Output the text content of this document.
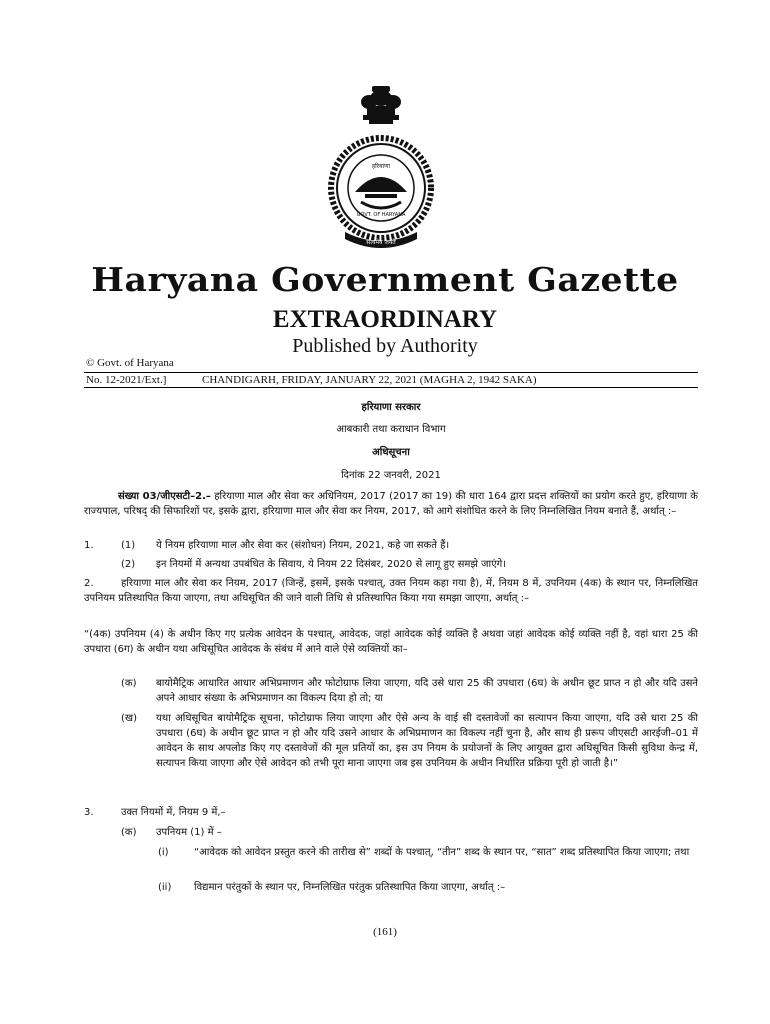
हरियाणा
GOVT. OF HARYANA
सत्यमेव जयते
Haryana Government Gazette
EXTRAORDINARY
Published by Authority
© Govt. of Haryana
No. 12-2021/Ext.]	CHANDIGARH, FRIDAY, JANUARY 22, 2021 (MAGHA 2, 1942 SAKA)
हरियाणा सरकार
आबकारी तथा कराधान विभाग
अधिसूचना
दिनांक 22 जनवरी, 2021
संख्या 03/जीएसटी–2.– हरियाणा माल और सेवा कर अधिनियम, 2017 (2017 का 19) की धारा 164 द्वारा प्रदत्त शक्तियों का प्रयोग करते हुए, हरियाणा के राज्यपाल, परिषद् की सिफारिशों पर, इसके द्वारा, हरियाणा माल और सेवा कर नियम, 2017, को आगे संशोधित करने के लिए निम्नलिखित नियम बनाते हैं, अर्थात् :–
1.	(1) ये नियम हरियाणा माल और सेवा कर (संशोधन) नियम, 2021, कहे जा सकते हैं।
(2) इन नियमों में अन्यथा उपबंधित के सिवाय, ये नियम 22 दिसंबर, 2020 से लागू हुए समझे जाएंगे।
2.	हरियाणा माल और सेवा कर नियम, 2017 (जिन्हें, इसमें, इसके पश्चात्, उक्त नियम कहा गया है), में, नियम 8 में, उपनियम (4क) के स्थान पर, निम्नलिखित उपनियम प्रतिस्थापित किया जाएगा, तथा अधिसूचित की जाने वाली तिथि से प्रतिस्थापित किया गया समझा जाएगा, अर्थात् :–
“(4क) उपनियम (4) के अधीन किए गए प्रत्येक आवेदन के पश्चात्, आवेदक, जहां आवेदक कोई व्यक्ति है अथवा जहां आवेदक कोई व्यक्ति नहीं है, वहां धारा 25 की उपधारा (6ग) के अधीन यथा अधिसूचित आवेदक के संबंध में आने वाले ऐसे व्यक्तियों का–
(क) बायोमैट्रिक आधारित आधार अभिप्रमाणन और फोटोग्राफ लिया जाएगा, यदि उसे धारा 25 की उपधारा (6घ) के अधीन छूट प्राप्त न हो और यदि उसने अपने आधार संख्या के अभिप्रमाणन का विकल्प दिया हो तो; या
(ख) यथा अधिसूचित बायोमैट्रिक सूचना, फोटोग्राफ लिया जाएगा और ऐसे अन्य के वाई सी दस्तावेजों का सत्यापन किया जाएगा, यदि उसे धारा 25 की उपधारा (6घ) के अधीन छूट प्राप्त न हो और यदि उसने आधार के अभिप्रमाणन का विकल्प नहीं चुना है, और साथ ही प्ररूप जीएसटी आरईजी–01 में आवेदन के साथ अपलोड किए गए दस्तावेजों की मूल प्रतियों का, इस उप नियम के प्रयोजनों के लिए आयुक्त द्वारा अधिसूचित किसी सुविधा केन्द्र में, सत्यापन किया जाएगा और ऐसे आवेदन को तभी पूरा माना जाएगा जब इस उपनियम के अधीन निर्धारित प्रक्रिया पूरी हो जाती है।”
3.	उक्त नियमों में, नियम 9 में,–
(क) उपनियम (1) में –
(i)	“आवेदक को आवेदन प्रस्तुत करने की तारीख से” शब्दों के पश्चात्, “तीन” शब्द के स्थान पर, “सात” शब्द प्रतिस्थापित किया जाएगा; तथा
(ii) विद्यमान परंतुकों के स्थान पर, निम्नलिखित परंतुक प्रतिस्थापित किया जाएगा, अर्थात् :–
(161)
